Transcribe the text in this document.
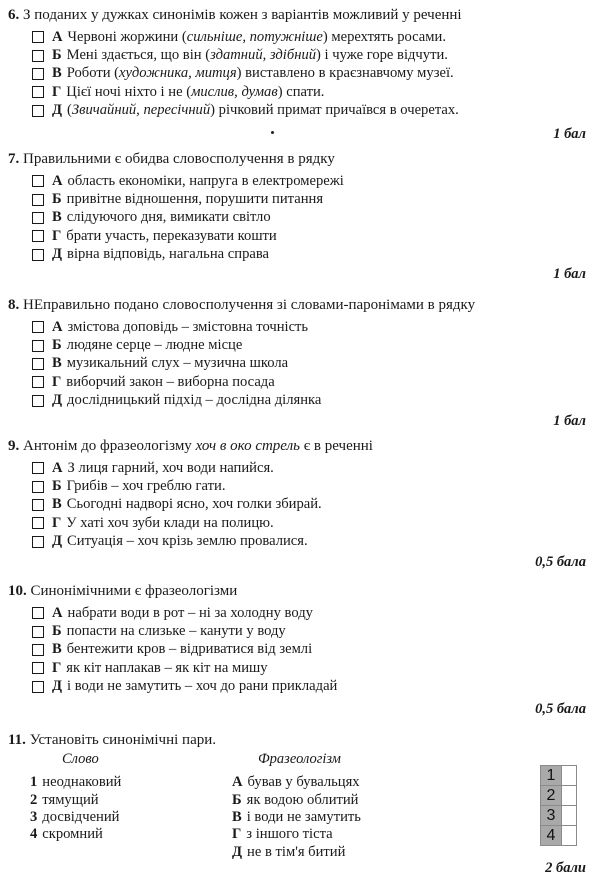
6. З поданих у дужках синонімів кожен з варіантів можливий у реченні
А Червоні жоржини (сильніше, потужніше) мерехтять росами.
Б Мені здається, що він (здатний, здібний) і чуже горе відчути.
В Роботи (художника, митця) виставлено в краєзнавчому музеї.
Г Цієї ночі ніхто і не (мислив, думав) спати.
Д (Звичайний, пересічний) річковий примат причаївся в очеретах.
1 бал
7. Правильними є обидва словосполучення в рядку
А область економіки, напруга в електромережі
Б привітне відношення, порушити питання
В слідуючого дня, вимикати світло
Г брати участь, переказувати кошти
Д вірна відповідь, нагальна справа
1 бал
8. НЕправильно подано словосполучення зі словами-паронімами в рядку
А змістова доповідь – змістовна точність
Б людяне серце – людне місце
В музикальний слух – музична школа
Г виборчий закон – виборна посада
Д дослідницький підхід – дослідна ділянка
1 бал
9. Антонім до фразеологізму хоч в око стрель є в реченні
А З лиця гарний, хоч води напийся.
Б Грибів – хоч греблю гати.
В Сьогодні надворі ясно, хоч голки збирай.
Г У хаті хоч зуби клади на полицю.
Д Ситуація – хоч крізь землю провалися.
0,5 бала
10. Синонімічними є фразеологізми
А набрати води в рот – ні за холодну воду
Б попасти на слизьке – канути у воду
В бентежити кров – відриватися від землі
Г як кіт наплакав – як кіт на мишу
Д і води не замутить – хоч до рани прикладай
0,5 бала
11. Установіть синонімічні пари.
Слово	Фразеологізм
1 неоднаковий
2 тямущий
3 досвідчений
4 скромний
А бував у бувальцях
Б як водою облитий
В і води не замутить
Г з іншого тіста
Д не в тім'я битий
1	
2	
3	
4	
2 бали
